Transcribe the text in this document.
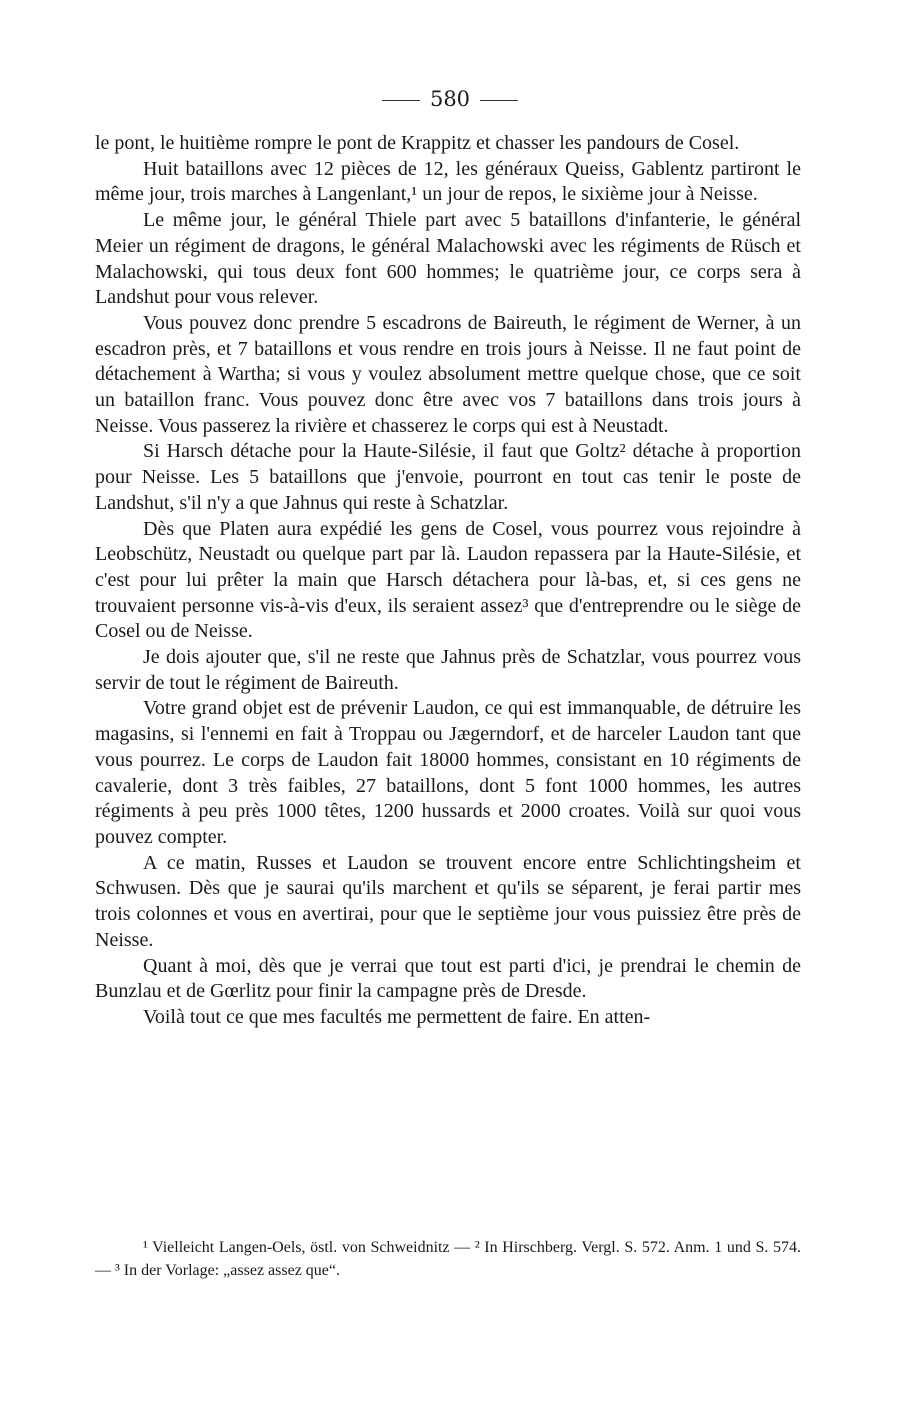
580

le pont, le huitième rompre le pont de Krappitz et chasser les pandours de Cosel.

Huit bataillons avec 12 pièces de 12, les généraux Queiss, Gablentz partiront le même jour, trois marches à Langenlant,¹ un jour de repos, le sixième jour à Neisse.

Le même jour, le général Thiele part avec 5 bataillons d'infanterie, le général Meier un régiment de dragons, le général Malachowski avec les régiments de Rüsch et Malachowski, qui tous deux font 600 hommes; le quatrième jour, ce corps sera à Landshut pour vous relever.

Vous pouvez donc prendre 5 escadrons de Baireuth, le régiment de Werner, à un escadron près, et 7 bataillons et vous rendre en trois jours à Neisse. Il ne faut point de détachement à Wartha; si vous y voulez absolument mettre quelque chose, que ce soit un bataillon franc. Vous pouvez donc être avec vos 7 bataillons dans trois jours à Neisse. Vous passerez la rivière et chasserez le corps qui est à Neustadt.

Si Harsch détache pour la Haute-Silésie, il faut que Goltz² détache à proportion pour Neisse. Les 5 bataillons que j'envoie, pourront en tout cas tenir le poste de Landshut, s'il n'y a que Jahnus qui reste à Schatzlar.

Dès que Platen aura expédié les gens de Cosel, vous pourrez vous rejoindre à Leobschütz, Neustadt ou quelque part par là. Laudon repassera par la Haute-Silésie, et c'est pour lui prêter la main que Harsch détachera pour là-bas, et, si ces gens ne trouvaient personne vis-à-vis d'eux, ils seraient assez³ que d'entreprendre ou le siège de Cosel ou de Neisse.

Je dois ajouter que, s'il ne reste que Jahnus près de Schatzlar, vous pourrez vous servir de tout le régiment de Baireuth.

Votre grand objet est de prévenir Laudon, ce qui est immanquable, de détruire les magasins, si l'ennemi en fait à Troppau ou Jægerndorf, et de harceler Laudon tant que vous pourrez. Le corps de Laudon fait 18000 hommes, consistant en 10 régiments de cavalerie, dont 3 très faibles, 27 bataillons, dont 5 font 1000 hommes, les autres régiments à peu près 1000 têtes, 1200 hussards et 2000 croates. Voilà sur quoi vous pouvez compter.

A ce matin, Russes et Laudon se trouvent encore entre Schlichtingsheim et Schwusen. Dès que je saurai qu'ils marchent et qu'ils se séparent, je ferai partir mes trois colonnes et vous en avertirai, pour que le septième jour vous puissiez être près de Neisse.

Quant à moi, dès que je verrai que tout est parti d'ici, je prendrai le chemin de Bunzlau et de Gœrlitz pour finir la campagne près de Dresde.

Voilà tout ce que mes facultés me permettent de faire. En atten-

¹ Vielleicht Langen-Oels, östl. von Schweidnitz — ² In Hirschberg. Vergl. S. 572. Anm. 1 und S. 574. — ³ In der Vorlage: „assez assez que“.
